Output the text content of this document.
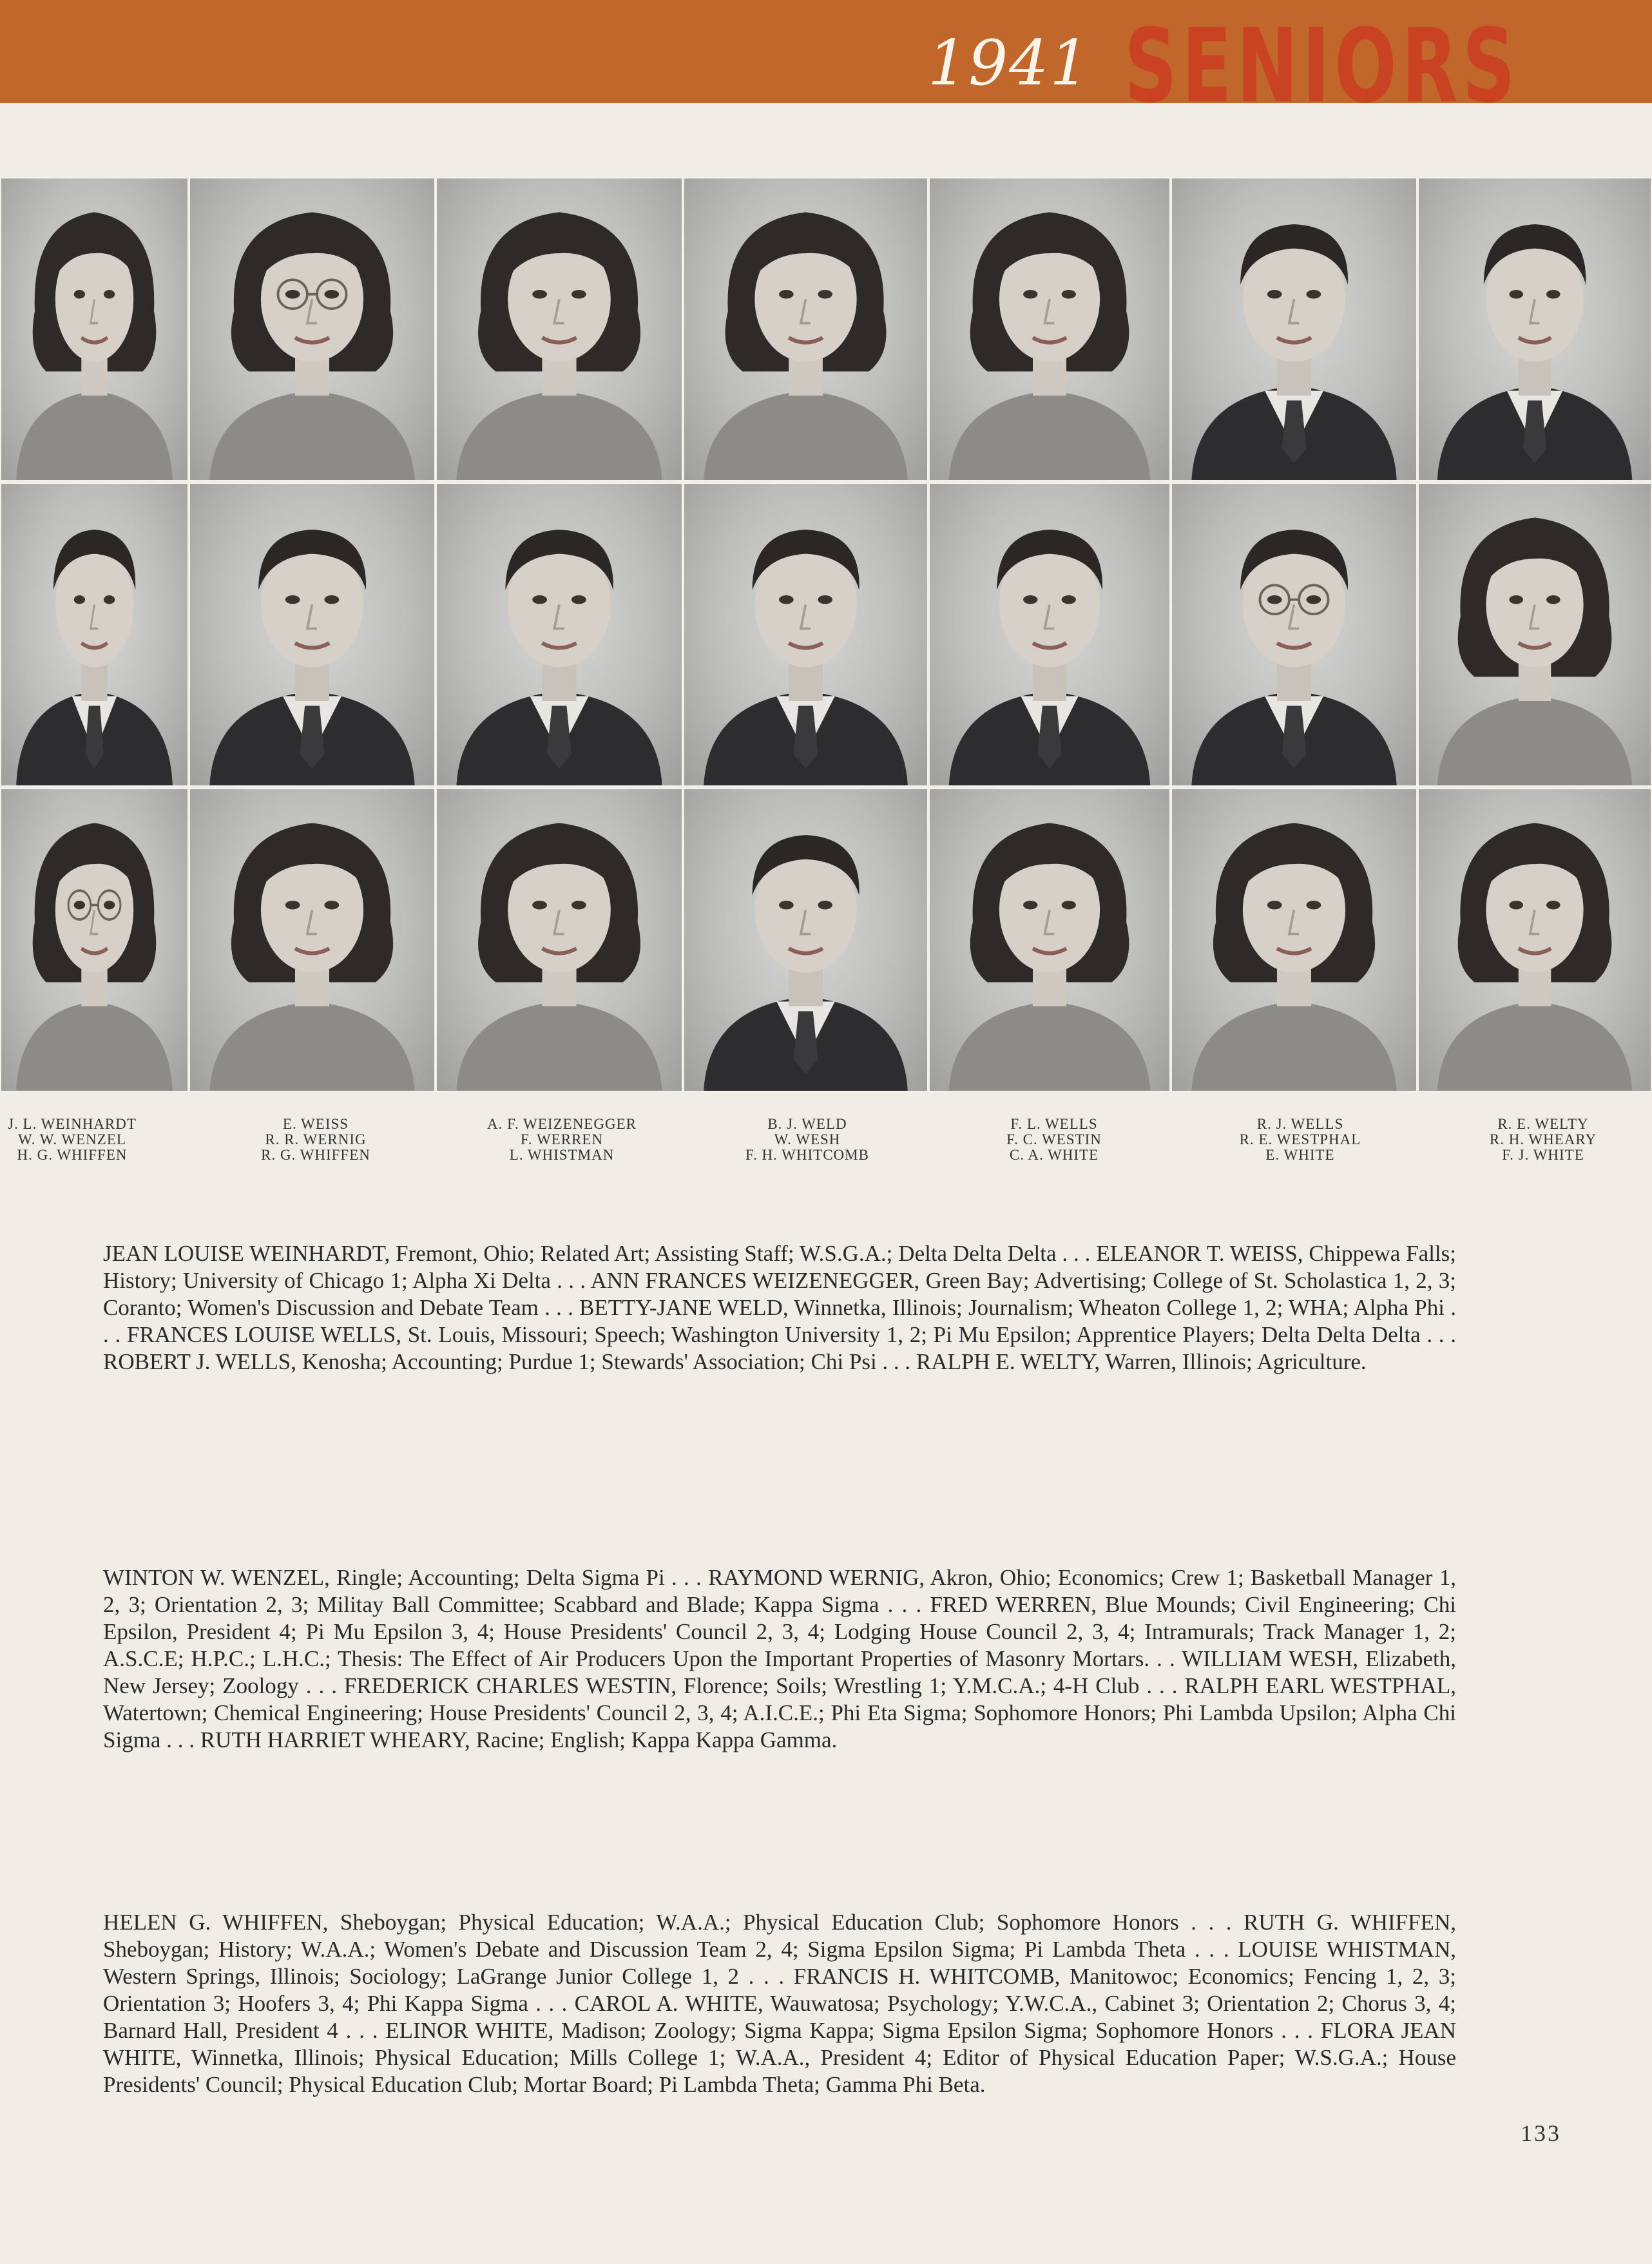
1941 SENIORS
J. L. WEINHARDT
W. W. WENZEL
H. G. WHIFFEN
E. WEISS
R. R. WERNIG
R. G. WHIFFEN
A. F. WEIZENEGGER
F. WERREN
L. WHISTMAN
B. J. WELD
W. WESH
F. H. WHITCOMB
F. L. WELLS
F. C. WESTIN
C. A. WHITE
R. J. WELLS
R. E. WESTPHAL
E. WHITE
R. E. WELTY
R. H. WHEARY
F. J. WHITE
JEAN LOUISE WEINHARDT, Fremont, Ohio; Related Art; Assisting Staff; W.S.G.A.; Delta Delta Delta . . . ELEANOR T. WEISS, Chippewa Falls; History; University of Chicago 1; Alpha Xi Delta . . . ANN FRANCES WEIZENEGGER, Green Bay; Advertising; College of St. Scholastica 1, 2, 3; Coranto; Women's Discussion and Debate Team . . . BETTY-JANE WELD, Winnetka, Illinois; Journalism; Wheaton College 1, 2; WHA; Alpha Phi . . . FRANCES LOUISE WELLS, St. Louis, Missouri; Speech; Washington University 1, 2; Pi Mu Epsilon; Apprentice Players; Delta Delta Delta . . . ROBERT J. WELLS, Kenosha; Accounting; Purdue 1; Stewards' Association; Chi Psi . . . RALPH E. WELTY, Warren, Illinois; Agriculture.
WINTON W. WENZEL, Ringle; Accounting; Delta Sigma Pi . . . RAYMOND WERNIG, Akron, Ohio; Economics; Crew 1; Basketball Manager 1, 2, 3; Orientation 2, 3; Militay Ball Committee; Scabbard and Blade; Kappa Sigma . . . FRED WERREN, Blue Mounds; Civil Engineering; Chi Epsilon, President 4; Pi Mu Epsilon 3, 4; House Presidents' Council 2, 3, 4; Lodging House Council 2, 3, 4; Intramurals; Track Manager 1, 2; A.S.C.E; H.P.C.; L.H.C.; Thesis: The Effect of Air Producers Upon the Important Properties of Masonry Mortars. . . WILLIAM WESH, Elizabeth, New Jersey; Zoology . . . FREDERICK CHARLES WESTIN, Florence; Soils; Wrestling 1; Y.M.C.A.; 4-H Club . . . RALPH EARL WESTPHAL, Watertown; Chemical Engineering; House Presidents' Council 2, 3, 4; A.I.C.E.; Phi Eta Sigma; Sophomore Honors; Phi Lambda Upsilon; Alpha Chi Sigma . . . RUTH HARRIET WHEARY, Racine; English; Kappa Kappa Gamma.
HELEN G. WHIFFEN, Sheboygan; Physical Education; W.A.A.; Physical Education Club; Sophomore Honors . . . RUTH G. WHIFFEN, Sheboygan; History; W.A.A.; Women's Debate and Discussion Team 2, 4; Sigma Epsilon Sigma; Pi Lambda Theta . . . LOUISE WHISTMAN, Western Springs, Illinois; Sociology; LaGrange Junior College 1, 2 . . . FRANCIS H. WHITCOMB, Manitowoc; Economics; Fencing 1, 2, 3; Orientation 3; Hoofers 3, 4; Phi Kappa Sigma . . . CAROL A. WHITE, Wauwatosa; Psychology; Y.W.C.A., Cabinet 3; Orientation 2; Chorus 3, 4; Barnard Hall, President 4 . . . ELINOR WHITE, Madison; Zoology; Sigma Kappa; Sigma Epsilon Sigma; Sophomore Honors . . . FLORA JEAN WHITE, Winnetka, Illinois; Physical Education; Mills College 1; W.A.A., President 4; Editor of Physical Education Paper; W.S.G.A.; House Presidents' Council; Physical Education Club; Mortar Board; Pi Lambda Theta; Gamma Phi Beta.
133
